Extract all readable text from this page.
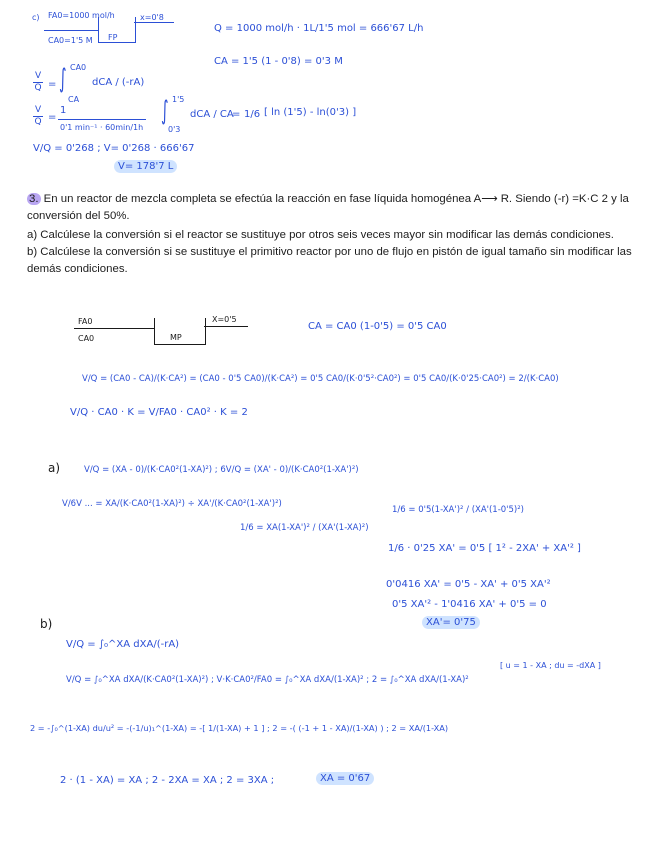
c) FA0=1000 mol/h
CA0=1'5 M FP
x=0'8
Q = 1000 mol/h · 1L/1'5 mol = 666'67 L/h
CA = 1'5 (1 - 0'8) = 0'3 M
$\frac{V}{Q}$ = ∫ CA0
CA
dCA / (-rA)
$\frac{V}{Q}$ =
1
0'1 min⁻¹ · 60min/1h
∫ 1'5
0'3
dCA / CA
= 1/6 [ ln (1'5) - ln(0'3) ]
V/Q = 0'268 ; V= 0'268 · 666'67
V= 178'7 L
3. En un reactor de mezcla completa se efectúa la reacción en fase líquida homogénea A⟶ R. Siendo (-r) =K·C 2 y la conversión del 50%.
a) Calcúlese la conversión si el reactor se sustituye por otros seis veces mayor sin modificar las demás condiciones.
b) Calcúlese la conversión si se sustituye el primitivo reactor por uno de flujo en pistón de igual tamaño sin modificar las demás condiciones.
FA0
CA0	MP
X=0'5
CA = CA0 (1-0'5) = 0'5 CA0
V/Q = (CA0 - CA)/(K·CA²) = (CA0 - 0'5 CA0)/(K·CA²) = 0'5 CA0/(K·0'5²·CA0²) = 0'5 CA0/(K·0'25·CA0²) = 2/(K·CA0)
V/Q · CA0 · K = V/FA0 · CA0² · K = 2
a)	V/Q = (XA - 0)/(K·CA0²(1-XA)²) ; 6V/Q = (XA' - 0)/(K·CA0²(1-XA')²)
V/6V ... = XA/(K·CA0²(1-XA)²) ÷ XA'/(K·CA0²(1-XA')²)
1/6 = XA(1-XA')² / (XA'(1-XA)²)
1/6 = 0'5(1-XA')² / (XA'(1-0'5)²)
1/6 · 0'25 XA' = 0'5 [ 1² - 2XA' + XA'² ]
0'0416 XA' = 0'5 - XA' + 0'5 XA'²
0'5 XA'² - 1'0416 XA' + 0'5 = 0
XA'= 0'75
b)
V/Q = ∫₀^XA dXA/(-rA)
V/Q = ∫₀^XA dXA/(K·CA0²(1-XA)²) ; V·K·CA0²/FA0 = ∫₀^XA dXA/(1-XA)² ; 2 = ∫₀^XA dXA/(1-XA)²
[ u = 1 - XA ; du = -dXA ]
2 = -∫₀^(1-XA) du/u² = -(-1/u)₁^(1-XA) = -[ 1/(1-XA) + 1 ] ; 2 = -( (-1 + 1 - XA)/(1-XA) ) ; 2 = XA/(1-XA)
2 · (1 - XA) = XA ; 2 - 2XA = XA ; 2 = 3XA ;	XA = 0'67
